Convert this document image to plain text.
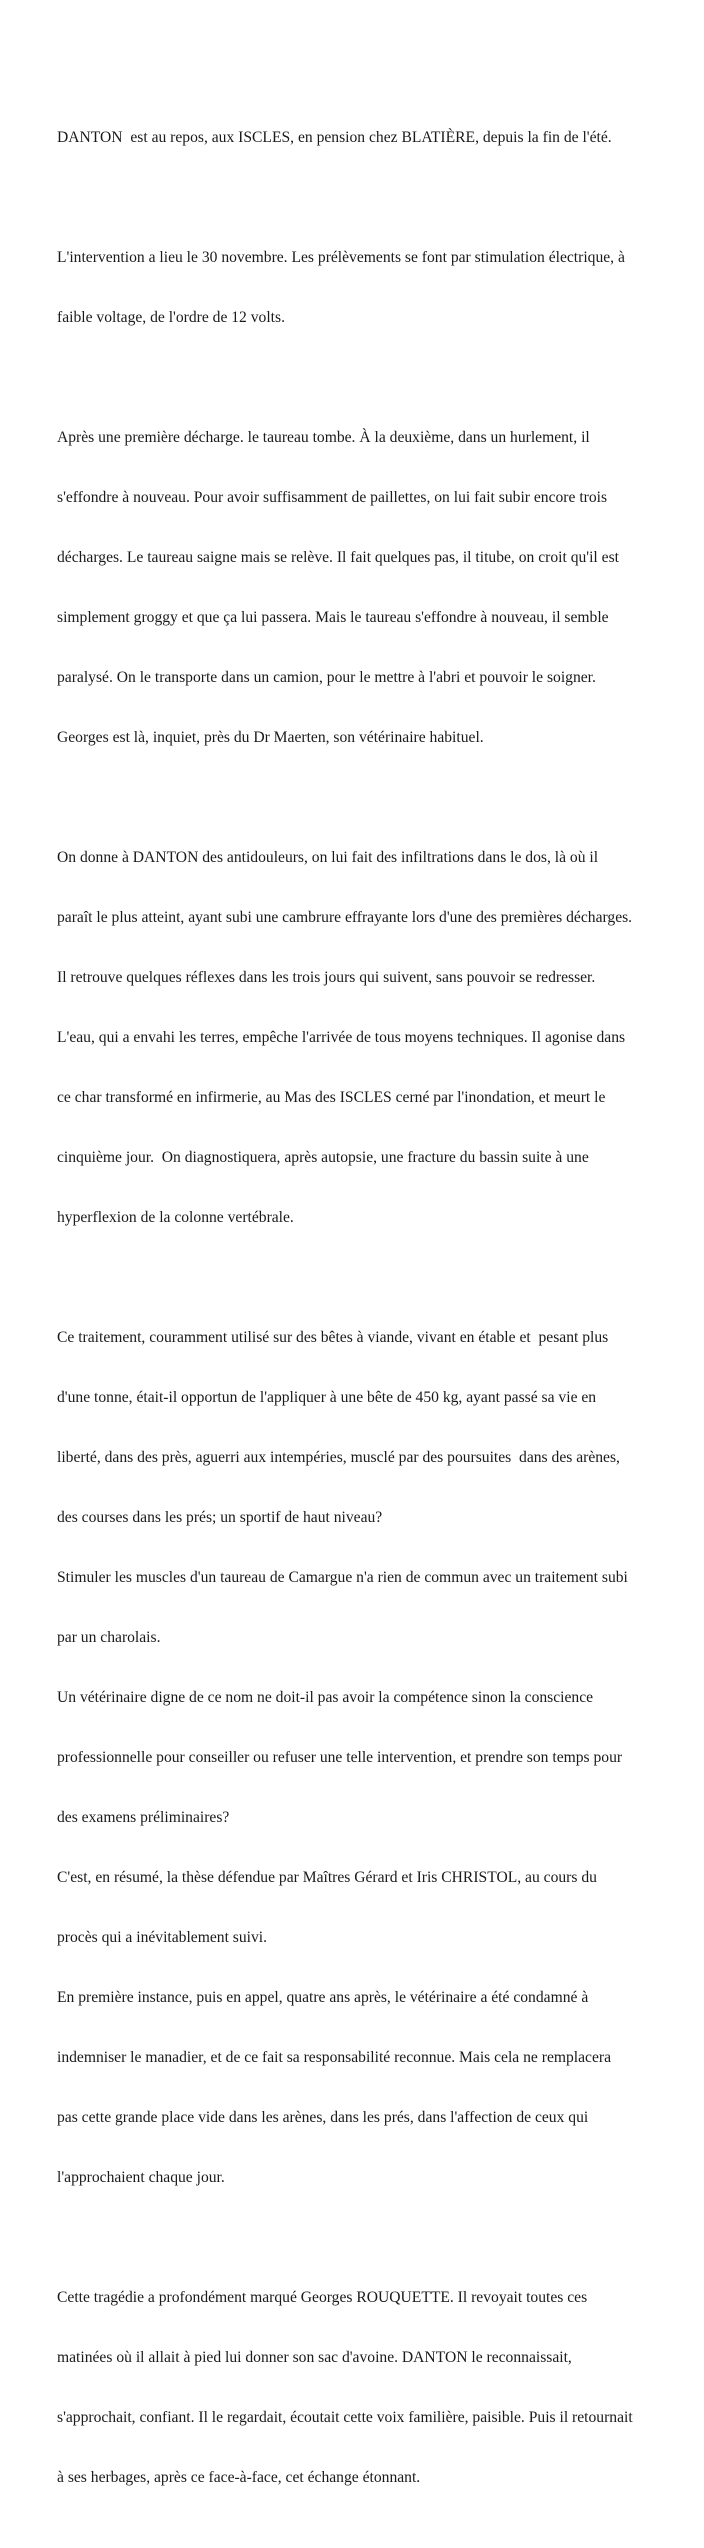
DANTON  est au repos, aux ISCLES, en pension chez BLATIÈRE, depuis la fin de l'été.

L'intervention a lieu le 30 novembre. Les prélèvements se font par stimulation électrique, à

faible voltage, de l'ordre de 12 volts.

Après une première décharge. le taureau tombe. À la deuxième, dans un hurlement, il

s'effondre à nouveau. Pour avoir suffisamment de paillettes, on lui fait subir encore trois

décharges. Le taureau saigne mais se relève. Il fait quelques pas, il titube, on croit qu'il est

simplement groggy et que ça lui passera. Mais le taureau s'effondre à nouveau, il semble

paralysé. On le transporte dans un camion, pour le mettre à l'abri et pouvoir le soigner.

Georges est là, inquiet, près du Dr Maerten, son vétérinaire habituel.

On donne à DANTON des antidouleurs, on lui fait des infiltrations dans le dos, là où il

paraît le plus atteint, ayant subi une cambrure effrayante lors d'une des premières décharges.

Il retrouve quelques réflexes dans les trois jours qui suivent, sans pouvoir se redresser.

L'eau, qui a envahi les terres, empêche l'arrivée de tous moyens techniques. Il agonise dans

ce char transformé en infirmerie, au Mas des ISCLES cerné par l'inondation, et meurt le

cinquième jour.  On diagnostiquera, après autopsie, une fracture du bassin suite à une

hyperflexion de la colonne vertébrale.

Ce traitement, couramment utilisé sur des bêtes à viande, vivant en étable et  pesant plus

d'une tonne, était-il opportun de l'appliquer à une bête de 450 kg, ayant passé sa vie en

liberté, dans des près, aguerri aux intempéries, musclé par des poursuites  dans des arènes,

des courses dans les prés; un sportif de haut niveau?

Stimuler les muscles d'un taureau de Camargue n'a rien de commun avec un traitement subi

par un charolais.

Un vétérinaire digne de ce nom ne doit-il pas avoir la compétence sinon la conscience

professionnelle pour conseiller ou refuser une telle intervention, et prendre son temps pour

des examens préliminaires?

C'est, en résumé, la thèse défendue par Maîtres Gérard et Iris CHRISTOL, au cours du

procès qui a inévitablement suivi.

En première instance, puis en appel, quatre ans après, le vétérinaire a été condamné à

indemniser le manadier, et de ce fait sa responsabilité reconnue. Mais cela ne remplacera

pas cette grande place vide dans les arènes, dans les prés, dans l'affection de ceux qui

l'approchaient chaque jour.

Cette tragédie a profondément marqué Georges ROUQUETTE. Il revoyait toutes ces

matinées où il allait à pied lui donner son sac d'avoine. DANTON le reconnaissait,

s'approchait, confiant. Il le regardait, écoutait cette voix familière, paisible. Puis il retournait

à ses herbages, après ce face-à-face, cet échange étonnant.
